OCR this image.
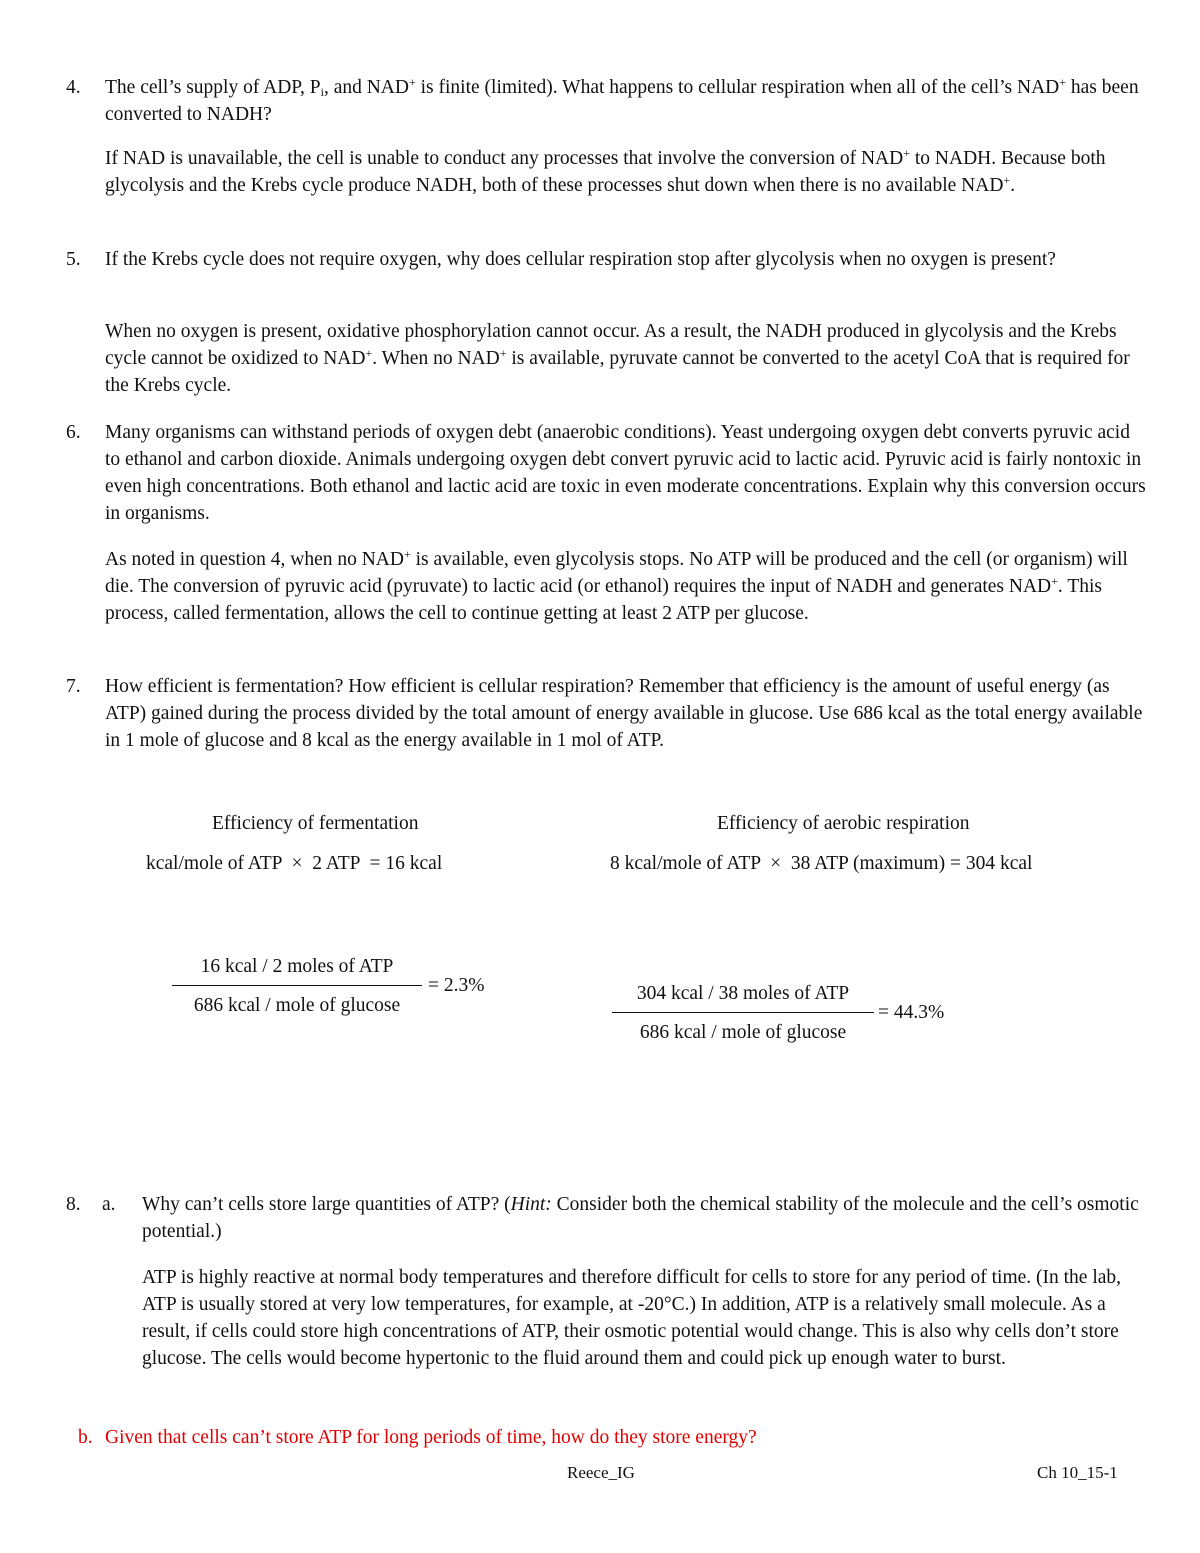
4.	The cell’s supply of ADP, $P_i$, and NAD+ is finite (limited). What happens to cellular respiration when all of the cell’s NAD+ has been converted to NADH?
If NAD is unavailable, the cell is unable to conduct any processes that involve the conversion of NAD+ to NADH. Because both glycolysis and the Krebs cycle produce NADH, both of these processes shut down when there is no available NAD+.
5.	If the Krebs cycle does not require oxygen, why does cellular respiration stop after glycolysis when no oxygen is present?
When no oxygen is present, oxidative phosphorylation cannot occur. As a result, the NADH produced in glycolysis and the Krebs cycle cannot be oxidized to NAD+. When no NAD+ is available, pyruvate cannot be converted to the acetyl CoA that is required for the Krebs cycle.
6.	Many organisms can withstand periods of oxygen debt (anaerobic conditions). Yeast undergoing oxygen debt converts pyruvic acid to ethanol and carbon dioxide. Animals undergoing oxygen debt convert pyruvic acid to lactic acid. Pyruvic acid is fairly nontoxic in even high concentrations. Both ethanol and lactic acid are toxic in even moderate concentrations. Explain why this conversion occurs in organisms.
As noted in question 4, when no NAD+ is available, even glycolysis stops. No ATP will be produced and the cell (or organism) will die. The conversion of pyruvic acid (pyruvate) to lactic acid (or ethanol) requires the input of NADH and generates NAD+. This process, called fermentation, allows the cell to continue getting at least 2 ATP per glucose.
7.	How efficient is fermentation? How efficient is cellular respiration? Remember that efficiency is the amount of useful energy (as ATP) gained during the process divided by the total amount of energy available in glucose. Use 686 kcal as the total energy available in 1 mole of glucose and 8 kcal as the energy available in 1 mol of ATP.
Efficiency of fermentation
kcal/mole of ATP  ×  2 ATP  = 16 kcal
16 kcal / 2 moles of ATP
686 kcal / mole of glucose
= 2.3%
Efficiency of aerobic respiration
8 kcal/mole of ATP  ×  38 ATP (maximum) = 304 kcal
304 kcal / 38 moles of ATP
686 kcal / mole of glucose
= 44.3%
8.	a. Why can’t cells store large quantities of ATP? (Hint: Consider both the chemical stability of the molecule and the cell’s osmotic potential.)
ATP is highly reactive at normal body temperatures and therefore difficult for cells to store for any period of time. (In the lab, ATP is usually stored at very low temperatures, for example, at -20°C.) In addition, ATP is a relatively small molecule. As a result, if cells could store high concentrations of ATP, their osmotic potential would change. This is also why cells don’t store glucose. The cells would become hypertonic to the fluid around them and could pick up enough water to burst.
b. Given that cells can’t store ATP for long periods of time, how do they store energy?
Reece_IG	Ch 10_15-1
